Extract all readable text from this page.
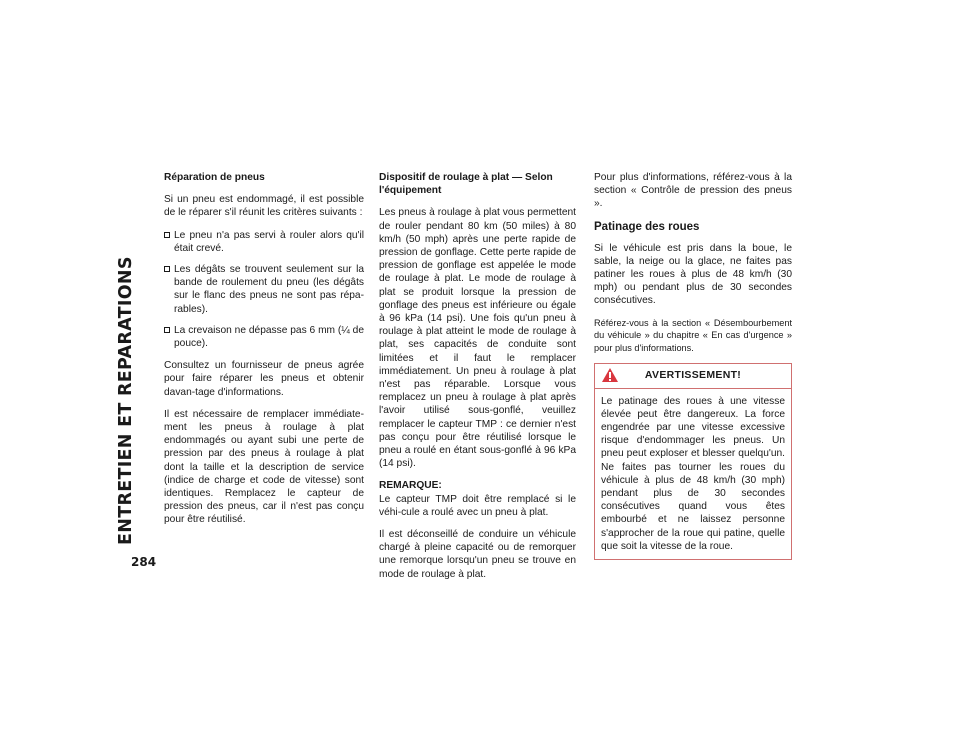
ENTRETIEN ET REPARATIONS
284
Réparation de pneus

Si un pneu est endommagé, il est possible de le réparer s'il réunit les critères suivants :

Le pneu n'a pas servi à rouler alors qu'il était crevé.
Les dégâts se trouvent seulement sur la bande de roulement du pneu (les dégâts sur le flanc des pneus ne sont pas répa-rables).
La crevaison ne dépasse pas 6 mm (¼ de pouce).

Consultez un fournisseur de pneus agrée pour faire réparer les pneus et obtenir davan-tage d'informations.

Il est nécessaire de remplacer immédiate-ment les pneus à roulage à plat endommagés ou ayant subi une perte de pression par des pneus à roulage à plat dont la taille et la description de service (indice de charge et code de vitesse) sont identiques. Remplacez le capteur de pression des pneus, car il n'est pas conçu pour être réutilisé.

Dispositif de roulage à plat — Selon l'équipement

Les pneus à roulage à plat vous permettent de rouler pendant 80 km (50 miles) à 80 km/h (50 mph) après une perte rapide de pression de gonflage. Cette perte rapide de pression de gonflage est appelée le mode de roulage à plat. Le mode de roulage à plat se produit lorsque la pression de gonflage des pneus est inférieure ou égale à 96 kPa (14 psi). Une fois qu'un pneu à roulage à plat atteint le mode de roulage à plat, ses capacités de conduite sont limitées et il faut le remplacer immédiatement. Un pneu à roulage à plat n'est pas réparable. Lorsque vous remplacez un pneu à roulage à plat après l'avoir utilisé sous-gonflé, veuillez remplacer le capteur TMP : ce dernier n'est pas conçu pour être réutilisé lorsque le pneu a roulé en étant sous-gonflé à 96 kPa (14 psi).

REMARQUE:
Le capteur TMP doit être remplacé si le véhi-cule a roulé avec un pneu à plat.

Il est déconseillé de conduire un véhicule chargé à pleine capacité ou de remorquer une remorque lorsqu'un pneu se trouve en mode de roulage à plat.

Pour plus d'informations, référez-vous à la section « Contrôle de pression des pneus ».

Patinage des roues

Si le véhicule est pris dans la boue, le sable, la neige ou la glace, ne faites pas patiner les roues à plus de 48 km/h (30 mph) ou pendant plus de 30 secondes consécutives.

Référez-vous à la section « Désembourbement du véhicule » du chapitre « En cas d'urgence » pour plus d'informations.

AVERTISSEMENT!

Le patinage des roues à une vitesse élevée peut être dangereux. La force engendrée par une vitesse excessive risque d'endommager les pneus. Un pneu peut exploser et blesser quelqu'un. Ne faites pas tourner les roues du véhicule à plus de 48 km/h (30 mph) pendant plus de 30 secondes consécutives quand vous êtes embourbé et ne laissez personne s'approcher de la roue qui patine, quelle que soit la vitesse de la roue.
